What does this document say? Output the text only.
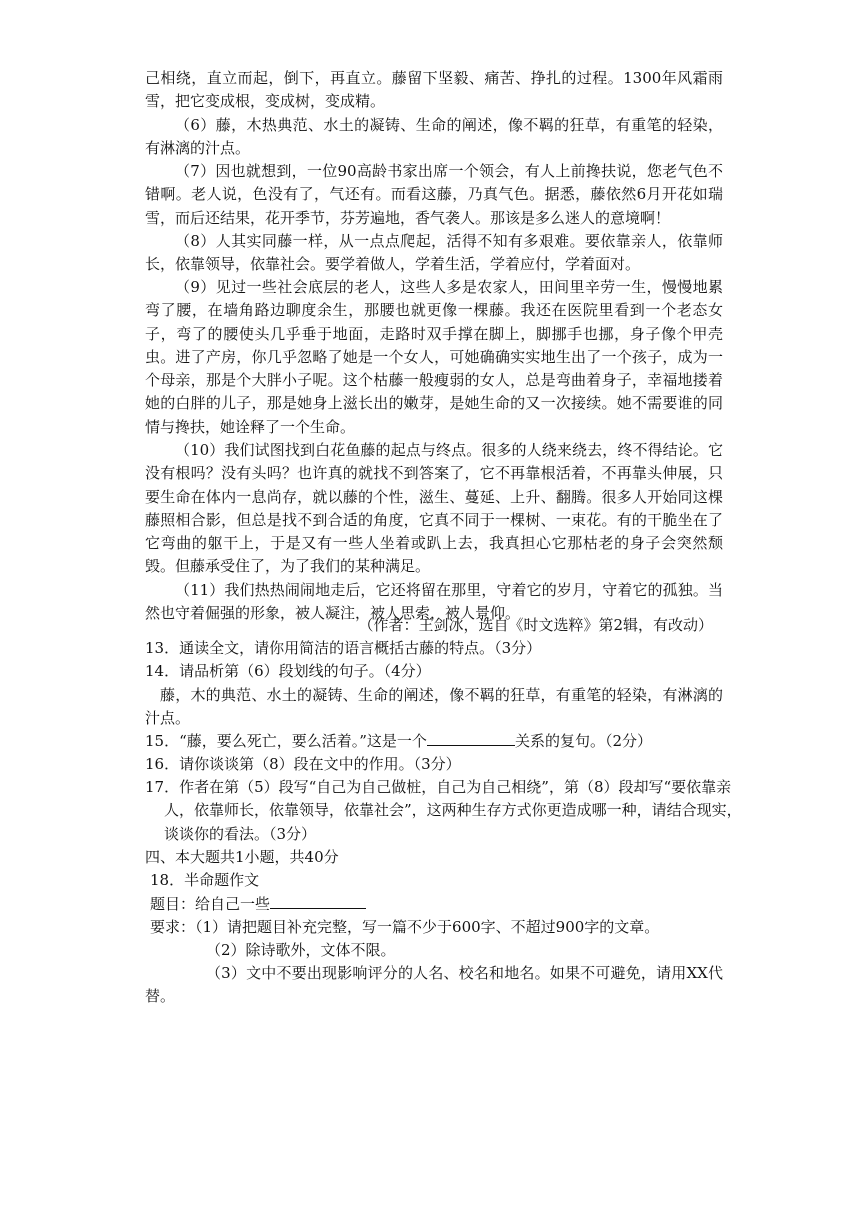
己相绕，直立而起，倒下，再直立。藤留下坚毅、痛苦、挣扎的过程。1300年风霜雨雪，把它变成根，变成树，变成精。

（6）藤，木热典范、水土的凝铸、生命的阐述，像不羁的狂草，有重笔的轻染，有淋漓的汁点。

（7）因也就想到，一位90高龄书家出席一个领会，有人上前搀扶说，您老气色不错啊。老人说，色没有了，气还有。而看这藤，乃真气色。据悉，藤依然6月开花如瑞雪，而后还结果，花开季节，芬芳遍地，香气袭人。那该是多么迷人的意境啊！

（8）人其实同藤一样，从一点点爬起，活得不知有多艰难。要依靠亲人，依靠师长，依靠领导，依靠社会。要学着做人，学着生活，学着应付，学着面对。

（9）见过一些社会底层的老人，这些人多是农家人，田间里辛劳一生，慢慢地累弯了腰，在墙角路边聊度余生，那腰也就更像一棵藤。我还在医院里看到一个老态女子，弯了的腰使头几乎垂于地面，走路时双手撑在脚上，脚挪手也挪，身子像个甲壳虫。进了产房，你几乎忽略了她是一个女人，可她确确实实地生出了一个孩子，成为一个母亲，那是个大胖小子呢。这个枯藤一般瘦弱的女人，总是弯曲着身子，幸福地搂着她的白胖的儿子，那是她身上滋长出的嫩芽，是她生命的又一次接续。她不需要谁的同情与搀扶，她诠释了一个生命。

（10）我们试图找到白花鱼藤的起点与终点。很多的人绕来绕去，终不得结论。它没有根吗？没有头吗？也许真的就找不到答案了，它不再靠根活着，不再靠头伸展，只要生命在体内一息尚存，就以藤的个性，滋生、蔓延、上升、翻腾。很多人开始同这棵藤照相合影，但总是找不到合适的角度，它真不同于一棵树、一束花。有的干脆坐在了它弯曲的躯干上，于是又有一些人坐着或趴上去，我真担心它那枯老的身子会突然颓毁。但藤承受住了，为了我们的某种满足。

（11）我们热热闹闹地走后，它还将留在那里，守着它的岁月，守着它的孤独。当然也守着倔强的形象，被人凝注，被人思索，被人景仰。

（作者：王剑冰，选自《时文选粹》第2辑，有改动）

13．通读全文，请你用简洁的语言概括古藤的特点。（3分）

14．请品析第（6）段划线的句子。（4分）

藤，木的典范、水土的凝铸、生命的阐述，像不羁的狂草，有重笔的轻染，有淋漓的汁点。

15．“藤，要么死亡，要么活着。”这是一个	关系的复句。（2分）

16．请你谈谈第（8）段在文中的作用。（3分）

17．作者在第（5）段写“自己为自己做桩，自己为自己相绕”，第（8）段却写“要依靠亲人，依靠师长，依靠领导，依靠社会”，这两种生存方式你更造成哪一种，请结合现实，谈谈你的看法。（3分）

四、本大题共1小题，共40分

18．半命题作文

题目：给自己一些

要求：（1）请把题目补充完整，写一篇不少于600字、不超过900字的文章。

（2）除诗歌外，文体不限。

（3）文中不要出现影响评分的人名、校名和地名。如果不可避免，请用XX代替。
